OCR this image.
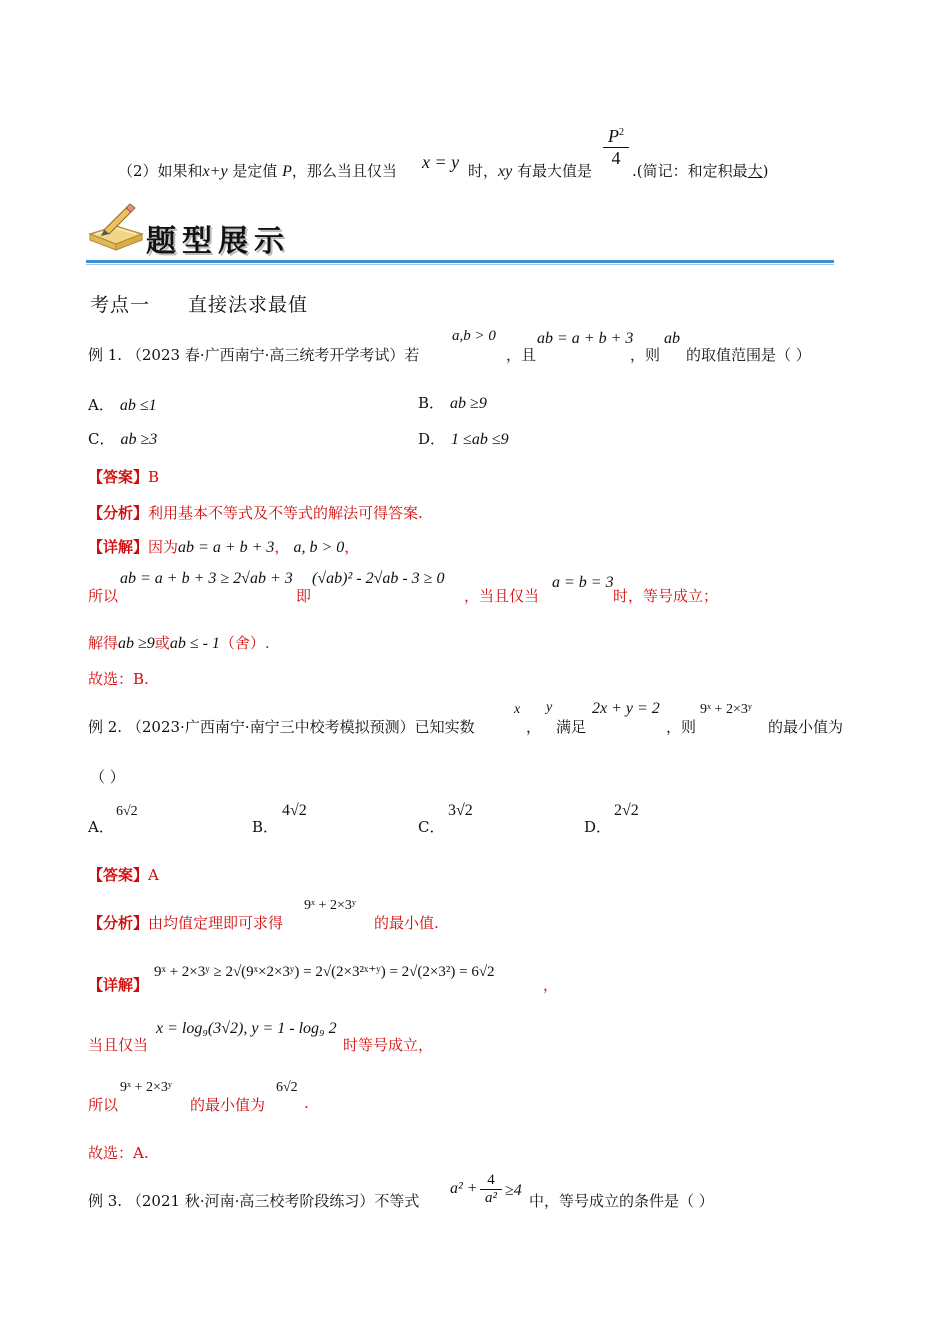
（2）如果和x+y 是定值 P，那么当且仅当 x = y 时，xy 有最大值是
$P^2$
4
.(简记：和定积最大)
题型展示
考点一 直接法求最值
例 1. （2023 春·广西南宁·高三统考开学考试）若
a,b > 0
，且
ab = a + b + 3
，则
ab
的取值范围是（ ）
A． ab ≤1	B． ab ≥9
C． ab ≥3	D． 1 ≤ab ≤9
【答案】B
【分析】利用基本不等式及不等式的解法可得答案.
【详解】因为ab = a + b + 3， a, b > 0，
所以
ab = a + b + 3 ≥ 2√ab + 3
即
(√ab)² - 2√ab - 3 ≥ 0
，当且仅当
a = b = 3
时，等号成立；
解得ab ≥9或ab ≤ - 1（舍）.
故选：B.
例 2. （2023·广西南宁·南宁三中校考模拟预测）已知实数
x
，
y
满足
2x + y = 2
，则
9ˣ + 2×3ʸ
的最小值为
（ ）
A．
6√2
B．
4√2
C．
3√2
D．
2√2
【答案】A
【分析】由均值定理即可求得
9ˣ + 2×3ʸ
的最小值.
【详解】
9ˣ + 2×3ʸ ≥ 2√(9ˣ×2×3ʸ) = 2√(2×3²ˣ⁺ʸ) = 2√(2×3²) = 6√2
，
当且仅当
x = log₉(3√2), y = 1 - log₉ 2
时等号成立，
所以
9ˣ + 2×3ʸ
的最小值为
6√2
.
故选：A.
例 3. （2021 秋·河南·高三校考阶段练习）不等式
a² + 4
a² ≥4
中，等号成立的条件是（ ）
